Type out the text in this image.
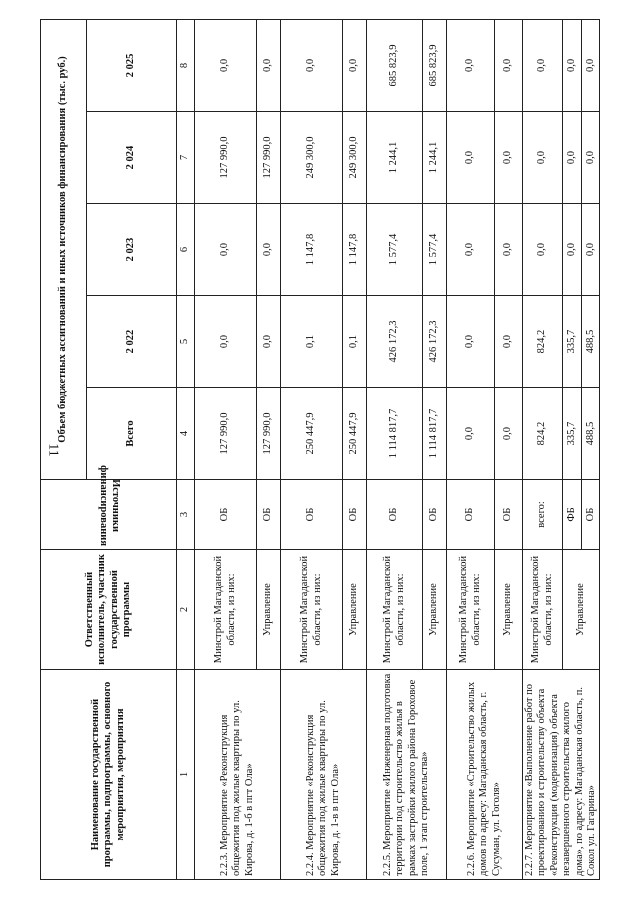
11
Наименование государственной программы, подпрограммы, основного мероприятия, мероприятия	Ответственный исполнитель, участник государственной программы	Источники финансирования	Объем бюджетных ассигнований и иных источников финансирования (тыс. руб.)				
			Всего	2 022	2 023	2 024	2 025
1	2	3	4	5	6	7	8
2.2.3. Мероприятие «Реконструкция общежития под жилые квартиры по ул. Кирова, д. 1-б в пгт Ола»	Минстрой Магаданской области, из них:	ОБ	127 990,0	0,0	0,0	127 990,0	0,0
	Управление	ОБ	127 990,0	0,0	0,0	127 990,0	0,0
2.2.4. Мероприятие «Реконструкция общежития под жилые квартиры по ул. Кирова, д. 1-в в пгт Ола»	Минстрой Магаданской области, из них:	ОБ	250 447,9	0,1	1 147,8	249 300,0	0,0
	Управление	ОБ	250 447,9	0,1	1 147,8	249 300,0	0,0
2.2.5. Мероприятие «Инженерная подготовка территории под строительство жилья в рамках застройки жилого района Гороховое поле, 1 этап строительства»	Минстрой Магаданской области, из них:	ОБ	1 114 817,7	426 172,3	1 577,4	1 244,1	685 823,9
	Управление	ОБ	1 114 817,7	426 172,3	1 577,4	1 244,1	685 823,9
2.2.6. Мероприятие «Строительство жилых домов по адресу: Магаданская область, г. Сусуман, ул. Гоголя»	Минстрой Магаданской области, из них:	ОБ	0,0	0,0	0,0	0,0	0,0
	Управление	ОБ	0,0	0,0	0,0	0,0	0,0
2.2.7. Мероприятие «Выполнение работ по проектированию и строительству объекта «Реконструкция (модернизация) объекта незавершенного строительства жилого дома», по адресу: Магаданская область, п. Сокол ул. Гагарина»	Минстрой Магаданской области, из них:	всего:	824,2	824,2	0,0	0,0	0,0
	Управление	ФБ	335,7	335,7	0,0	0,0	0,0
		ОБ	488,5	488,5	0,0	0,0	0,0
